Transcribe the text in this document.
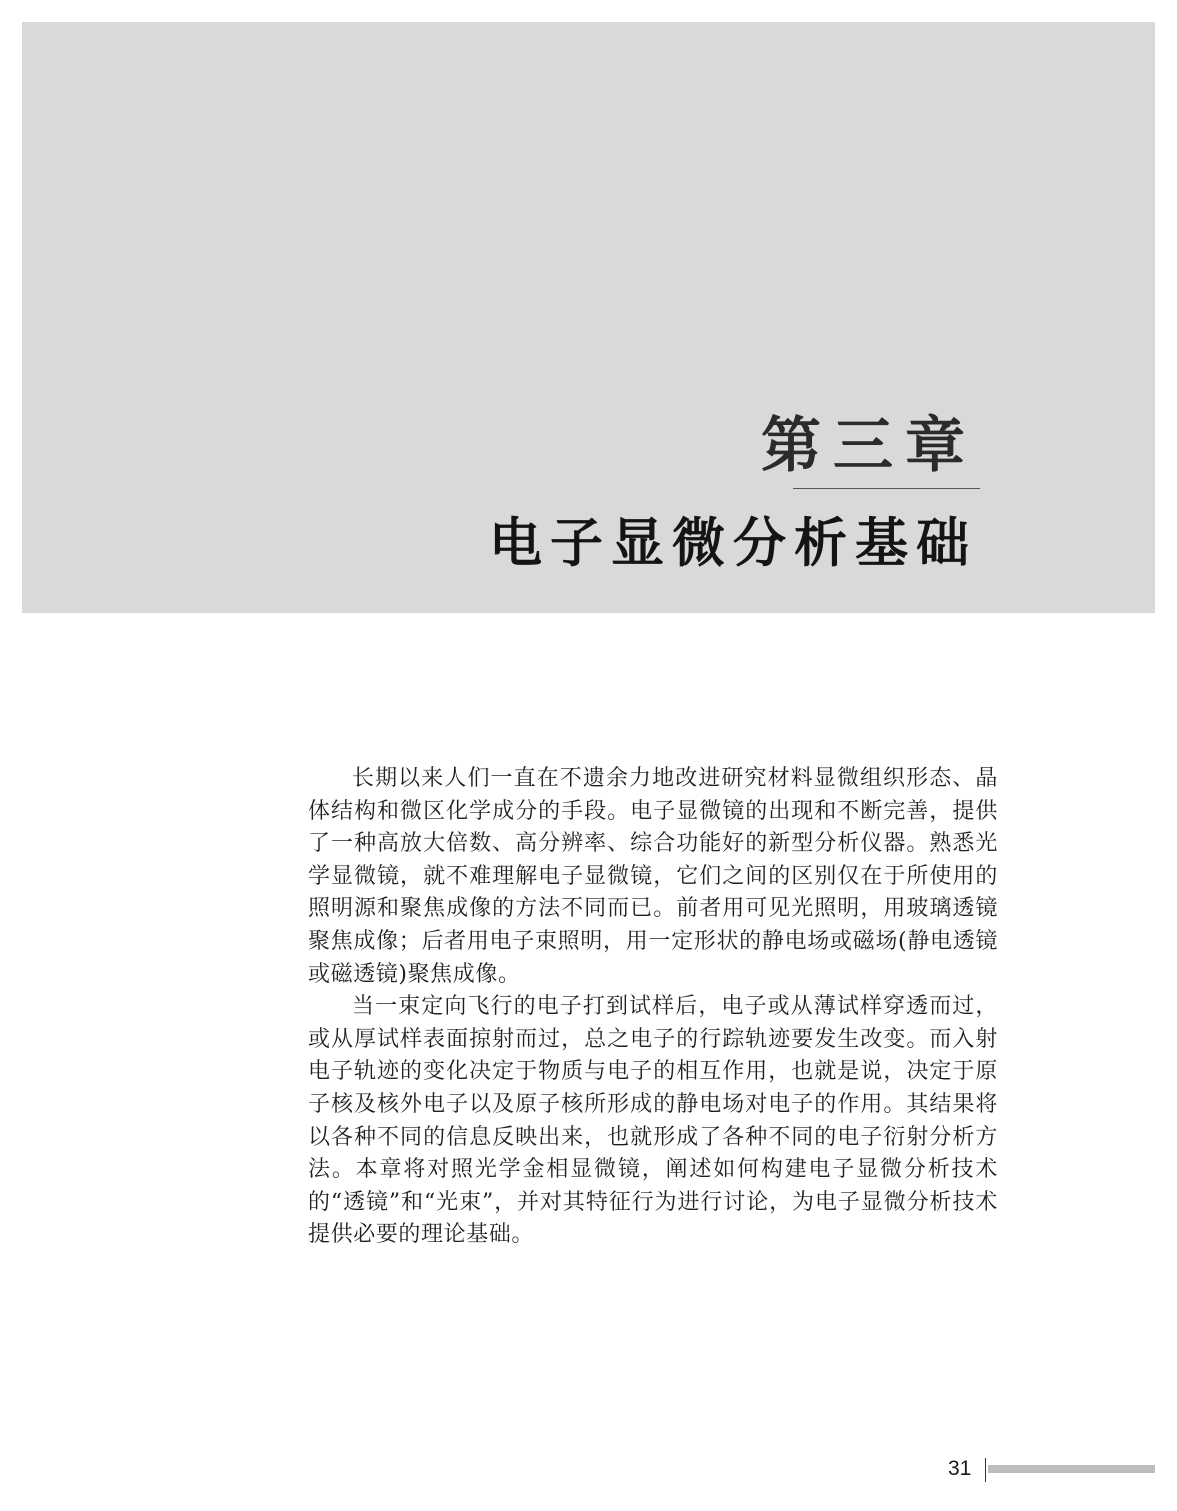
第三章
电子显微分析基础

长期以来人们一直在不遗余力地改进研究材料显微组织形态、晶体结构和微区化学成分的手段。电子显微镜的出现和不断完善，提供了一种高放大倍数、高分辨率、综合功能好的新型分析仪器。熟悉光学显微镜，就不难理解电子显微镜，它们之间的区别仅在于所使用的照明源和聚焦成像的方法不同而已。前者用可见光照明，用玻璃透镜聚焦成像；后者用电子束照明，用一定形状的静电场或磁场(静电透镜或磁透镜)聚焦成像。

当一束定向飞行的电子打到试样后，电子或从薄试样穿透而过，或从厚试样表面掠射而过，总之电子的行踪轨迹要发生改变。而入射电子轨迹的变化决定于物质与电子的相互作用，也就是说，决定于原子核及核外电子以及原子核所形成的静电场对电子的作用。其结果将以各种不同的信息反映出来，也就形成了各种不同的电子衍射分析方法。本章将对照光学金相显微镜，阐述如何构建电子显微分析技术的“透镜”和“光束”，并对其特征行为进行讨论，为电子显微分析技术提供必要的理论基础。

31
